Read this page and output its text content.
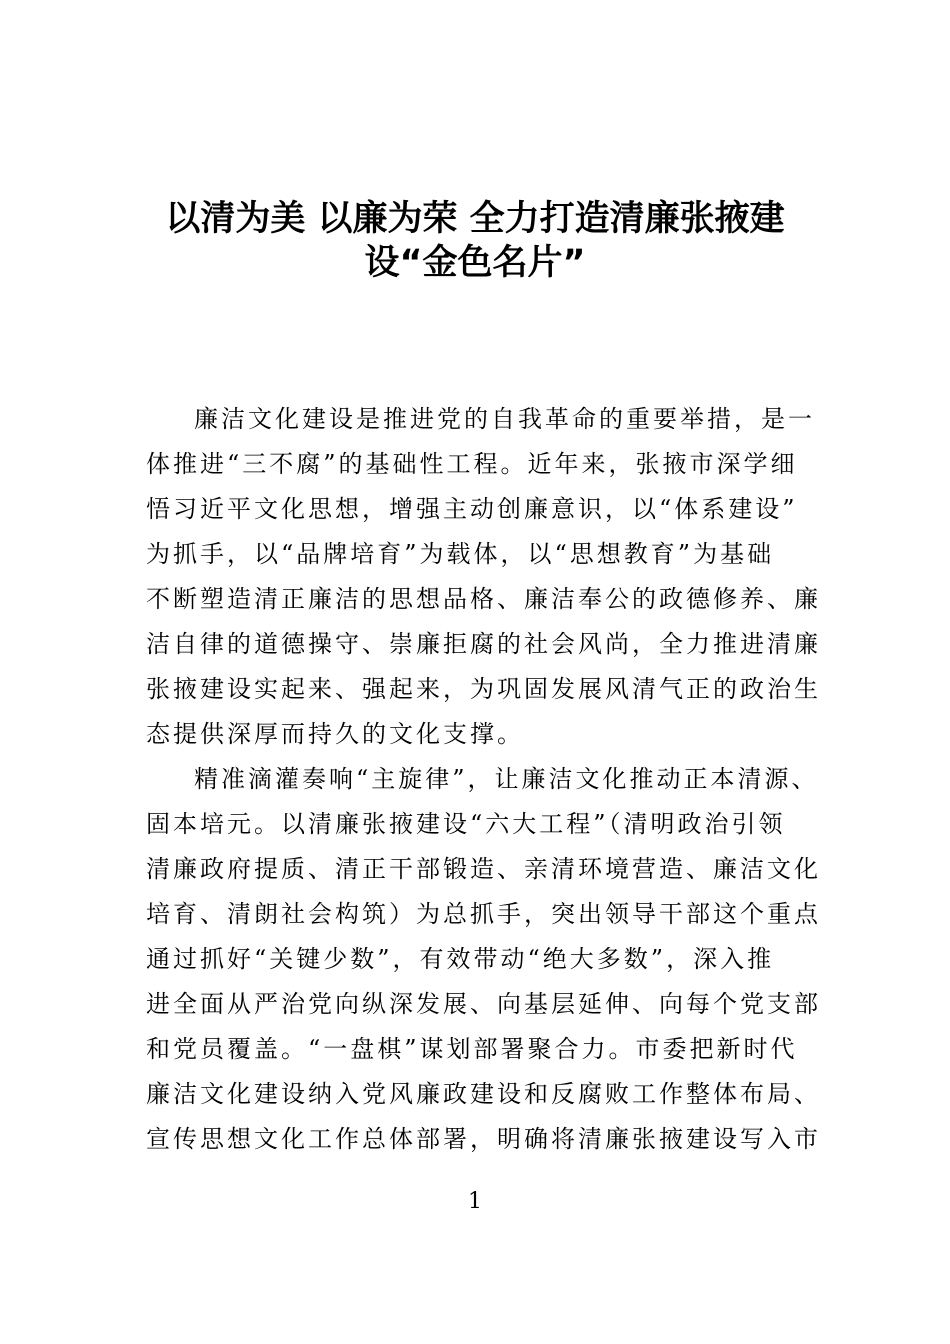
以清为美 以廉为荣 全力打造清廉张掖建
设“金色名片”
廉洁文化建设是推进党的自我革命的重要举措，是一
体推进“三不腐”的基础性工程。近年来，张掖市深学细
悟习近平文化思想，增强主动创廉意识，以“体系建设”
为抓手，以“品牌培育”为载体，以“思想教育”为基础
不断塑造清正廉洁的思想品格、廉洁奉公的政德修养、廉
洁自律的道德操守、崇廉拒腐的社会风尚，全力推进清廉
张掖建设实起来、强起来，为巩固发展风清气正的政治生
态提供深厚而持久的文化支撑。
精准滴灌奏响“主旋律”，让廉洁文化推动正本清源、
固本培元。以清廉张掖建设“六大工程”（清明政治引领
清廉政府提质、清正干部锻造、亲清环境营造、廉洁文化
培育、清朗社会构筑）为总抓手，突出领导干部这个重点
通过抓好“关键少数”，有效带动“绝大多数”，深入推
进全面从严治党向纵深发展、向基层延伸、向每个党支部
和党员覆盖。“一盘棋”谋划部署聚合力。市委把新时代
廉洁文化建设纳入党风廉政建设和反腐败工作整体布局、
宣传思想文化工作总体部署，明确将清廉张掖建设写入市
1
